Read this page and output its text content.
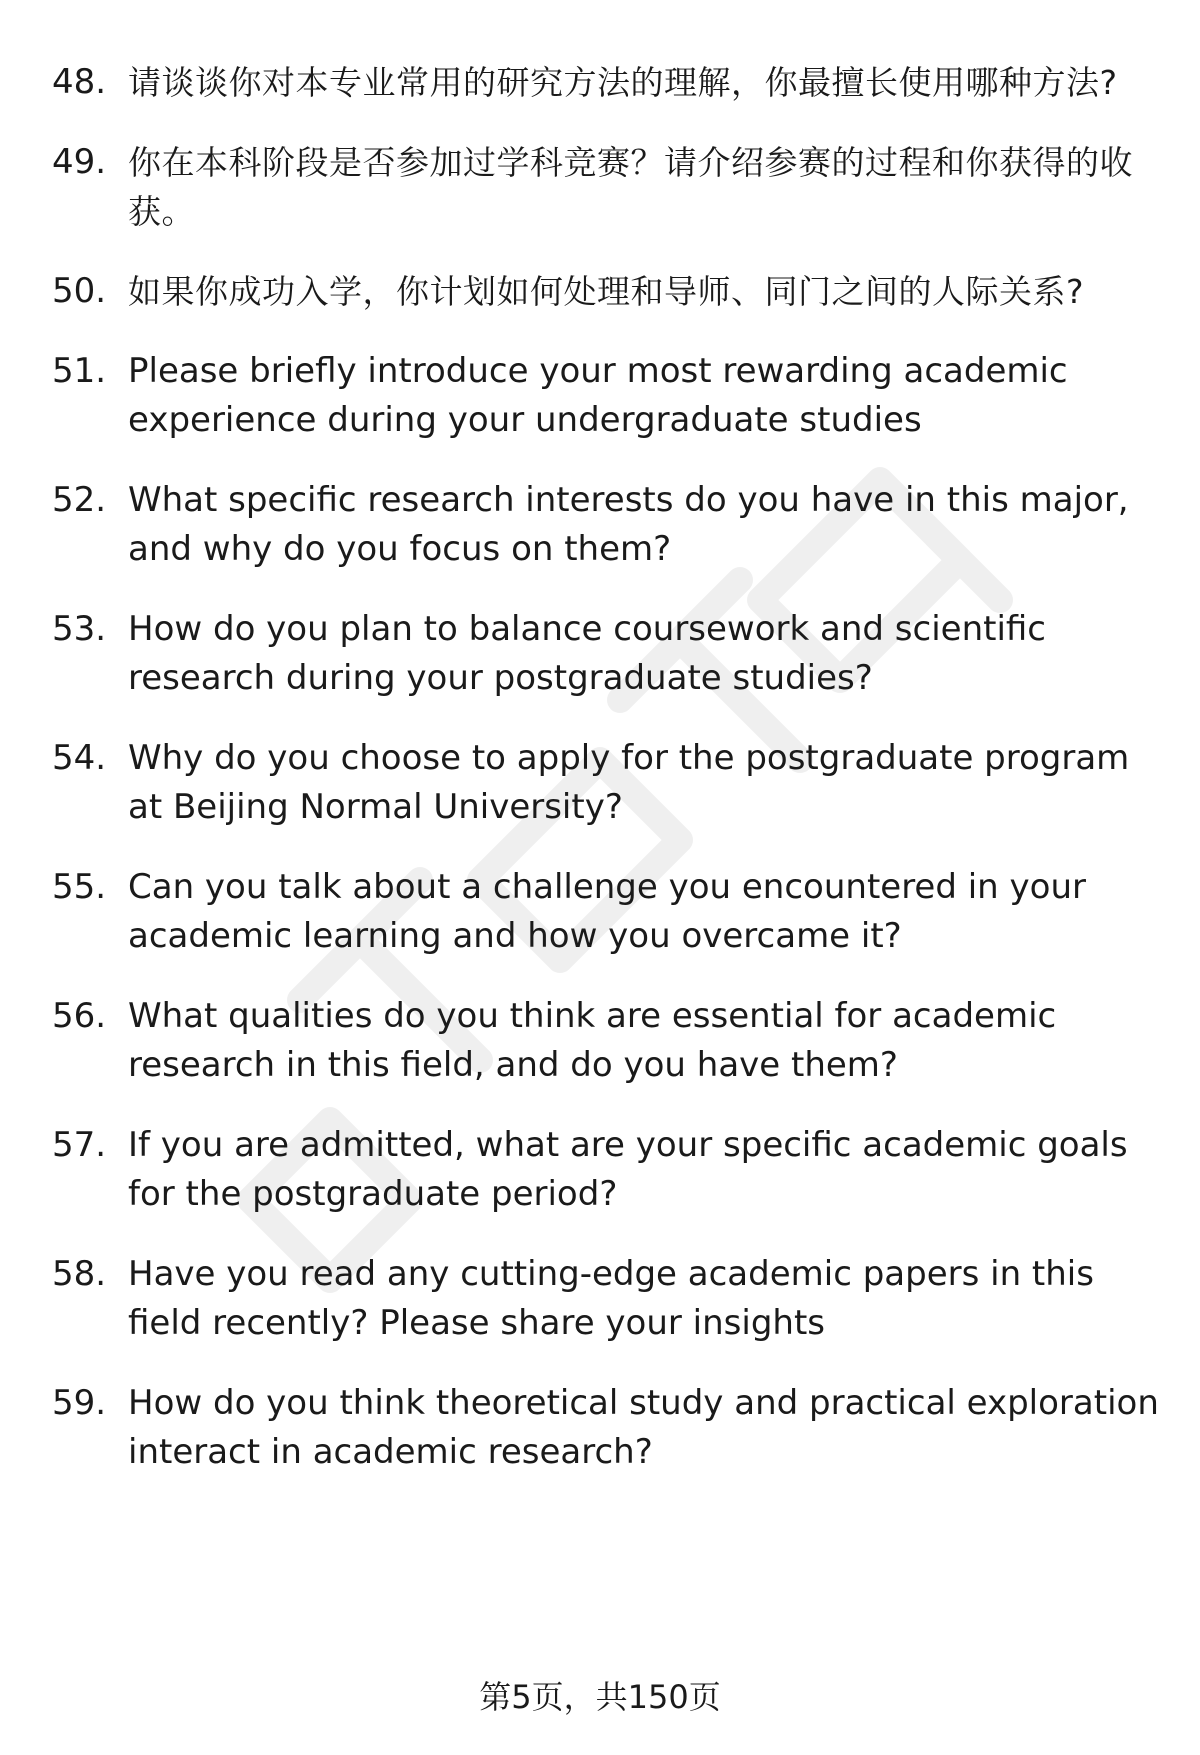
48. 请谈谈你对本专业常用的研究方法的理解，你最擅长使用哪种方法?
49. 你在本科阶段是否参加过学科竞赛？请介绍参赛的过程和你获得的收获。
50. 如果你成功入学，你计划如何处理和导师、同门之间的人际关系?
51. Please briefly introduce your most rewarding academic experience during your undergraduate studies
52. What specific research interests do you have in this major, and why do you focus on them?
53. How do you plan to balance coursework and scientific research during your postgraduate studies?
54. Why do you choose to apply for the postgraduate program at Beijing Normal University?
55. Can you talk about a challenge you encountered in your academic learning and how you overcame it?
56. What qualities do you think are essential for academic research in this field, and do you have them?
57. If you are admitted, what are your specific academic goals for the postgraduate period?
58. Have you read any cutting-edge academic papers in this field recently? Please share your insights
59. How do you think theoretical study and practical exploration interact in academic research?
第5页，共150页
